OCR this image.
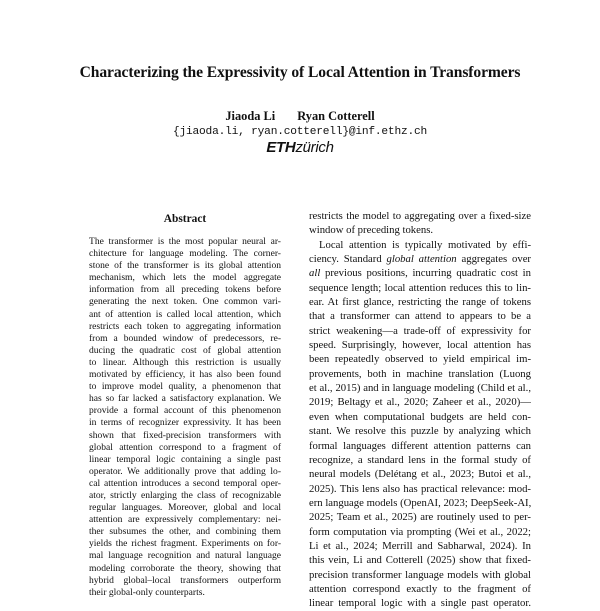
Characterizing the Expressivity of Local Attention in Transformers
Jiaoda Li Ryan Cotterell
{jiaoda.li, ryan.cotterell}@inf.ethz.ch
ETHzürich
Abstract
The transformer is the most popular neural ar-
chitecture for language modeling. The corner-
stone of the transformer is its global attention
mechanism, which lets the model aggregate
information from all preceding tokens before
generating the next token. One common vari-
ant of attention is called local attention, which
restricts each token to aggregating information
from a bounded window of predecessors, re-
ducing the quadratic cost of global attention
to linear. Although this restriction is usually
motivated by efficiency, it has also been found
to improve model quality, a phenomenon that
has so far lacked a satisfactory explanation. We
provide a formal account of this phenomenon
in terms of recognizer expressivity. It has been
shown that fixed-precision transformers with
global attention correspond to a fragment of
linear temporal logic containing a single past
operator. We additionally prove that adding lo-
cal attention introduces a second temporal oper-
ator, strictly enlarging the class of recognizable
regular languages. Moreover, global and local
attention are expressively complementary: nei-
ther subsumes the other, and combining them
yields the richest fragment. Experiments on for-
mal language recognition and natural language
modeling corroborate the theory, showing that
hybrid global–local transformers outperform
their global-only counterparts.
restricts the model to aggregating over a fixed-size
window of preceding tokens.
Local attention is typically motivated by effi-
ciency. Standard global attention aggregates over
all previous positions, incurring quadratic cost in
sequence length; local attention reduces this to lin-
ear. At first glance, restricting the range of tokens
that a transformer can attend to appears to be a
strict weakening—a trade-off of expressivity for
speed. Surprisingly, however, local attention has
been repeatedly observed to yield empirical im-
provements, both in machine translation (Luong
et al., 2015) and in language modeling (Child et al.,
2019; Beltagy et al., 2020; Zaheer et al., 2020)—
even when computational budgets are held con-
stant. We resolve this puzzle by analyzing which
formal languages different attention patterns can
recognize, a standard lens in the formal study of
neural models (Delétang et al., 2023; Butoi et al.,
2025). This lens also has practical relevance: mod-
ern language models (OpenAI, 2023; DeepSeek-AI,
2025; Team et al., 2025) are routinely used to per-
form computation via prompting (Wei et al., 2022;
Li et al., 2024; Merrill and Sabharwal, 2024). In
this vein, Li and Cotterell (2025) show that fixed-
precision transformer language models with global
attention correspond exactly to the fragment of
linear temporal logic with a single past operator.
